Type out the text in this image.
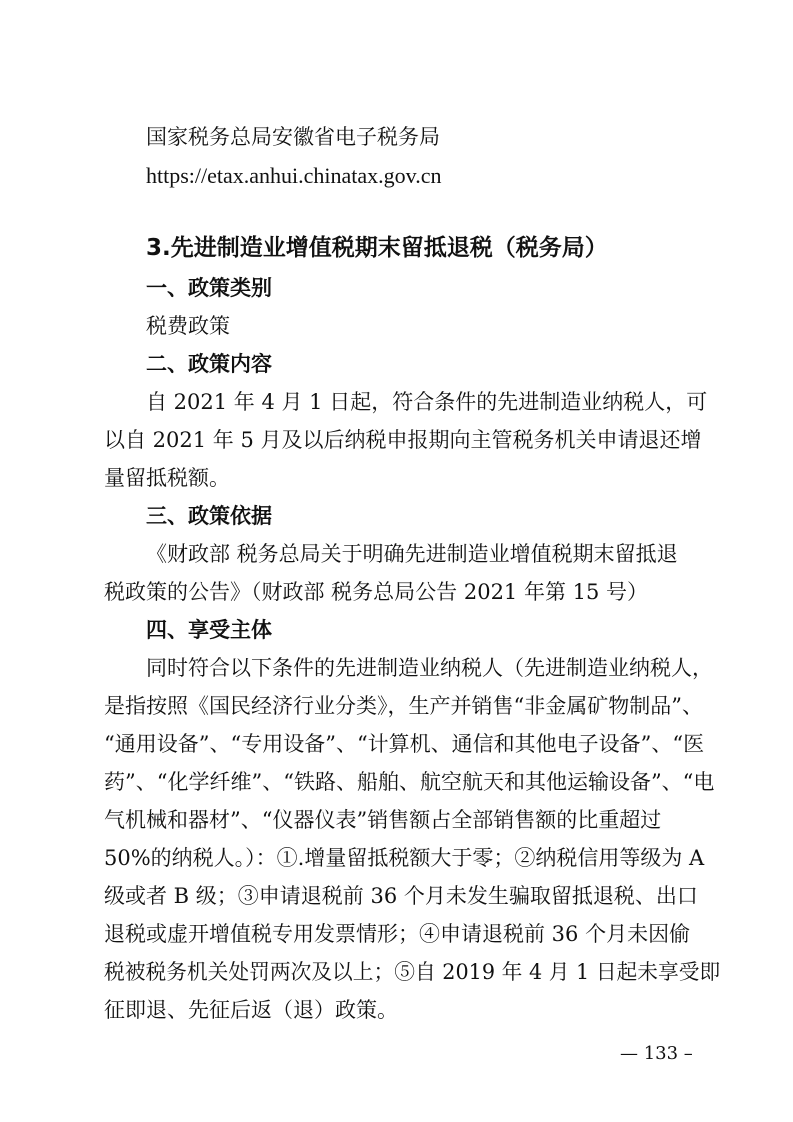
国家税务总局安徽省电子税务局
https://etax.anhui.chinatax.gov.cn
3.先进制造业增值税期末留抵退税（税务局）
一、政策类别
税费政策
二、政策内容
自 2021 年 4 月 1 日起，符合条件的先进制造业纳税人，可
以自 2021 年 5 月及以后纳税申报期向主管税务机关申请退还增
量留抵税额。
三、政策依据
《财政部 税务总局关于明确先进制造业增值税期末留抵退
税政策的公告》（财政部 税务总局公告 2021 年第 15 号）
四、享受主体
同时符合以下条件的先进制造业纳税人（先进制造业纳税人，
是指按照《国民经济行业分类》，生产并销售“非金属矿物制品”、
“通用设备”、“专用设备”、“计算机、通信和其他电子设备”、“医
药”、“化学纤维”、“铁路、船舶、航空航天和其他运输设备”、“电
气机械和器材”、“仪器仪表”销售额占全部销售额的比重超过
50%的纳税人。）：①.增量留抵税额大于零；②纳税信用等级为 A
级或者 B 级；③申请退税前 36 个月未发生骗取留抵退税、出口
退税或虚开增值税专用发票情形；④申请退税前 36 个月未因偷
税被税务机关处罚两次及以上；⑤自 2019 年 4 月 1 日起未享受即
征即退、先征后返（退）政策。
— 133 –
